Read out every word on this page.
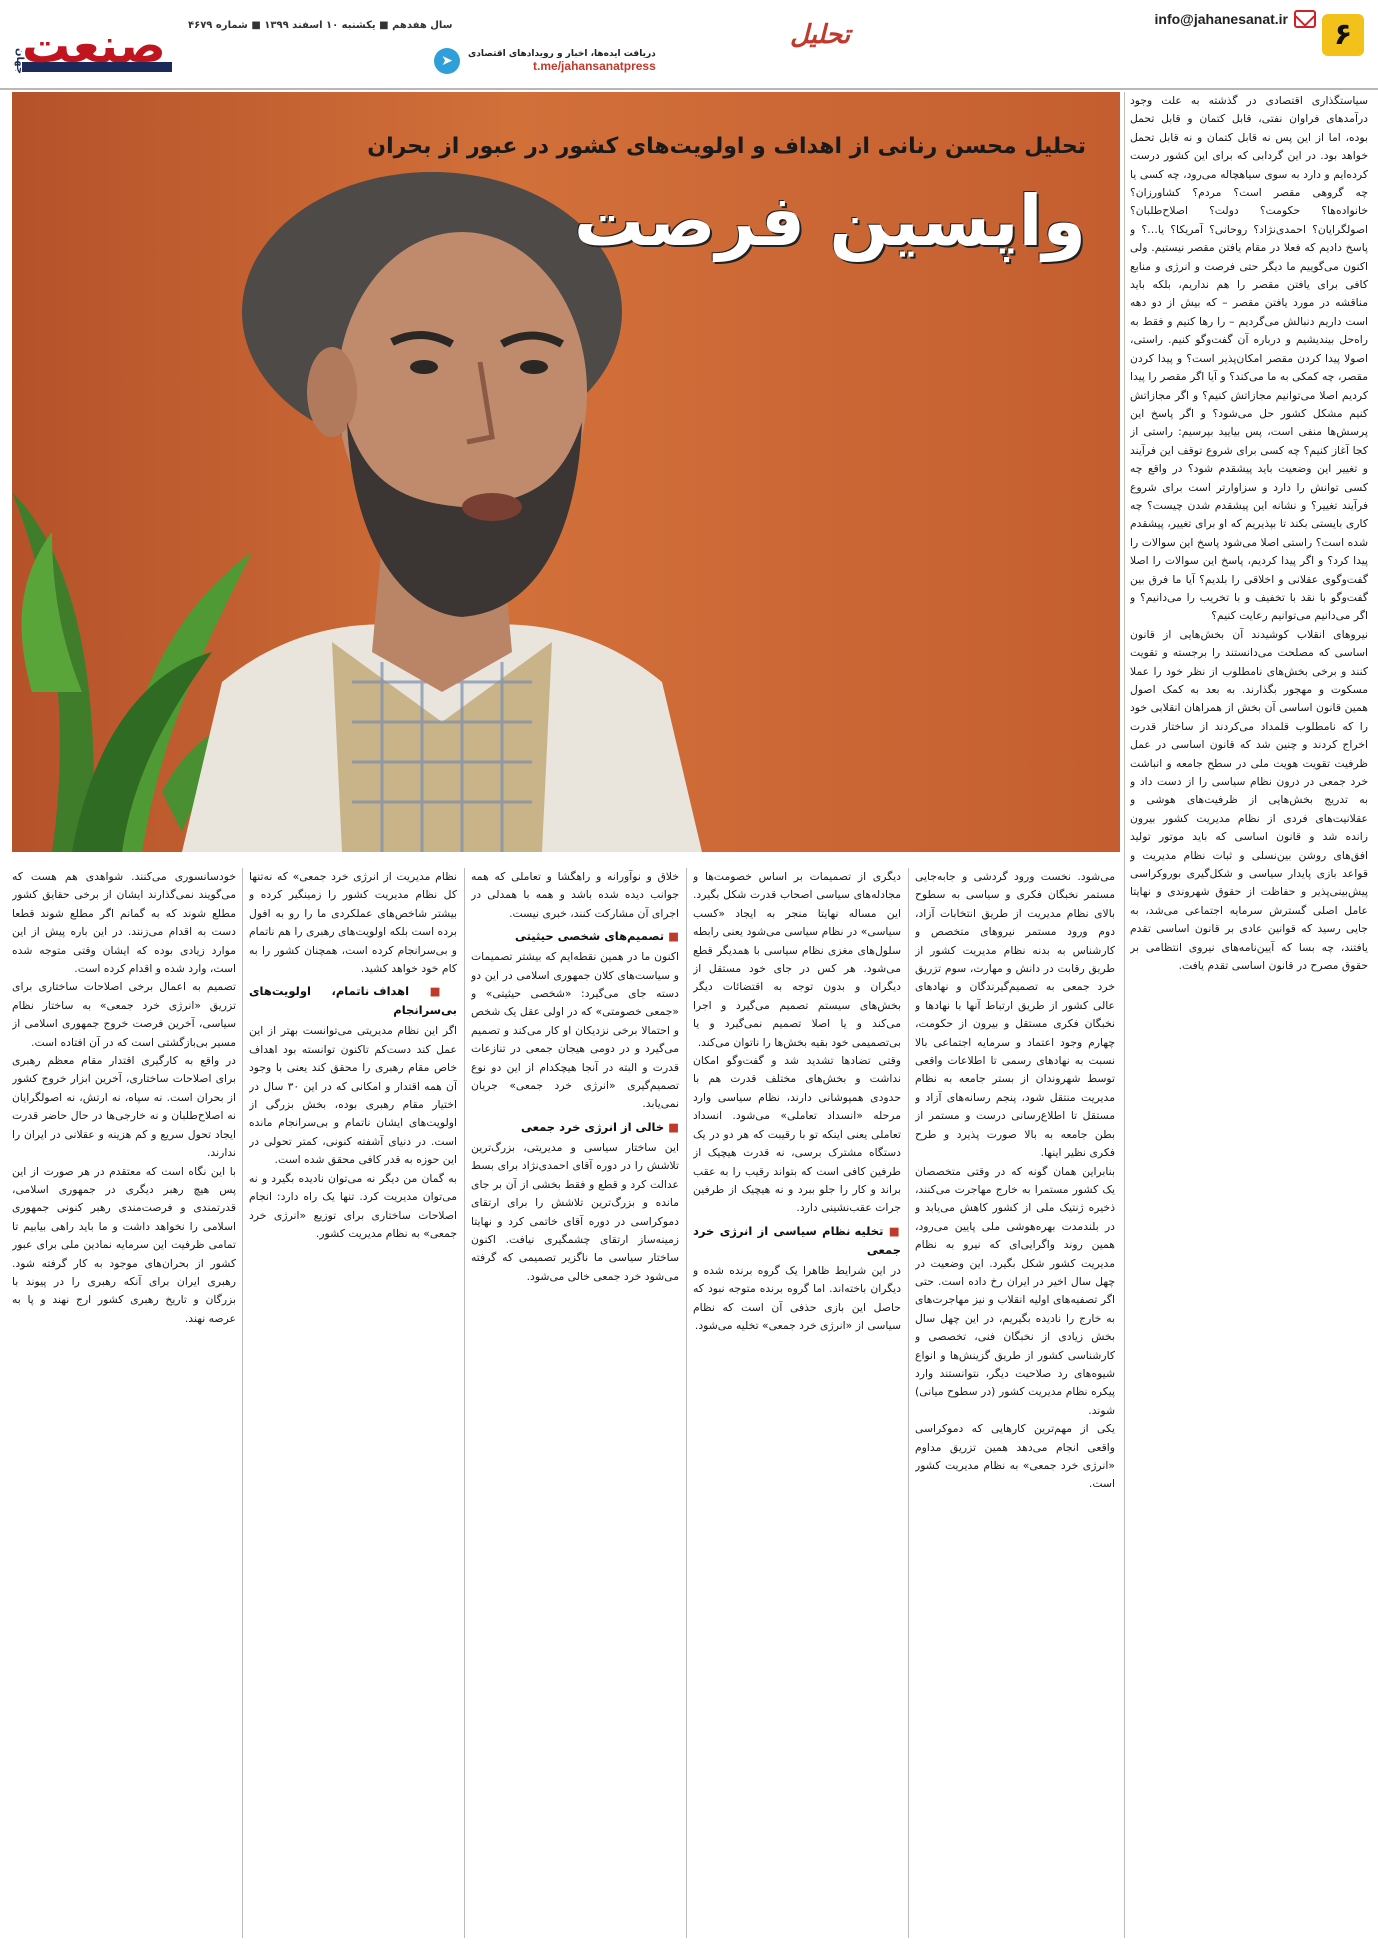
۶
info@jahanesanat.ir
تحلیل
دریافت ایده‌ها، اخبار و رویدادهای اقتصادی
t.me/jahansanatpress
➤
سال هفدهم ■ یکشنبه ۱۰ اسفند ۱۳۹۹ ■ شماره ۴۶۷۹
صنعت
جهان
تحلیل محسن رنانی از اهداف و اولویت‌های کشور در عبور از بحران
واپسین فرصت

سیاستگذاری اقتصادی در گذشته به علت وجود درآمدهای فراوان نفتی، قابل کتمان و قابل تحمل بوده، اما از این پس نه قابل کتمان و نه قابل تحمل خواهد بود. در این گردابی که برای این کشور درست کرده‌ایم و دارد به سوی سیاهچاله می‌رود، چه کسی یا چه گروهی مقصر است؟ مردم؟ کشاورزان؟ خانواده‌ها؟ حکومت؟ دولت؟ اصلاح‌طلبان؟ اصولگرایان؟ احمدی‌نژاد؟ روحانی؟ آمریکا؟ یا…؟ و پاسخ دادیم که فعلا در مقام یافتن مقصر نیستیم. ولی اکنون می‌گوییم ما دیگر حتی فرصت و انرژی و منابع کافی برای یافتن مقصر را هم نداریم، بلکه باید مناقشه در مورد یافتن مقصر – که بیش از دو دهه است داریم دنبالش می‌گردیم – را رها کنیم و فقط به راه‌حل بیندیشیم و درباره آن گفت‌وگو کنیم. راستی، اصولا پیدا کردن مقصر امکان‌پذیر است؟ و پیدا کردن مقصر، چه کمکی به ما می‌کند؟ و آیا اگر مقصر را پیدا کردیم اصلا می‌توانیم مجازاتش کنیم؟ و اگر مجازاتش کنیم مشکل کشور حل می‌شود؟ و اگر پاسخ این پرسش‌ها منفی است، پس بیایید بپرسیم: راستی از کجا آغاز کنیم؟ چه کسی برای شروع توقف این فرآیند و تغییر این وضعیت باید پیشقدم شود؟ در واقع چه کسی توانش را دارد و سزاوارتر است برای شروع فرآیند تغییر؟ و نشانه این پیشقدم شدن چیست؟ چه کاری بایستی بکند تا بپذیریم که او برای تغییر، پیشقدم شده است؟ راستی اصلا می‌شود پاسخ این سوالات را پیدا کرد؟ و اگر پیدا کردیم، پاسخ این سوالات را اصلا گفت‌وگوی عقلانی و اخلاقی را بلدیم؟ آیا ما فرق بین گفت‌وگو با نقد با تخفیف و با تخریب را می‌دانیم؟ و اگر می‌دانیم می‌توانیم رعایت کنیم؟

نیروهای انقلاب کوشیدند آن بخش‌هایی از قانون اساسی که مصلحت می‌دانستند را برجسته و تقویت کنند و برخی بخش‌های نامطلوب از نظر خود را عملا مسکوت و مهجور بگذارند. به بعد به کمک اصول همین قانون اساسی آن بخش از همراهان انقلابی خود را که نامطلوب قلمداد می‌کردند از ساختار قدرت اخراج کردند و چنین شد که قانون اساسی در عمل ظرفیت تقویت هویت ملی در سطح جامعه و انباشت خرد جمعی در درون نظام سیاسی را از دست داد و به تدریج بخش‌هایی از ظرفیت‌های هوشی و عقلانیت‌های فردی از نظام مدیریت کشور بیرون رانده شد و قانون اساسی که باید موتور تولید افق‌های روشن بین‌نسلی و ثبات نظام مدیریت و قواعد بازی پایدار سیاسی و شکل‌گیری بوروکراسی پیش‌بینی‌پذیر و حفاظت از حقوق شهروندی و نهایتا عامل اصلی گسترش سرمایه اجتماعی می‌شد، به جایی رسید که قوانین عادی بر قانون اساسی تقدم یافتند، چه بسا که آیین‌نامه‌های نیروی انتظامی بر حقوق مصرح در قانون اساسی تقدم یافت.

می‌شود. نخست ورود گردشی و جابه‌جایی مستمر نخبگان فکری و سیاسی به سطوح بالای نظام مدیریت از طریق انتخابات آزاد، دوم ورود مستمر نیروهای متخصص و کارشناس به بدنه نظام مدیریت کشور از طریق رقابت در دانش و مهارت، سوم تزریق خرد جمعی به تصمیم‌گیرندگان و نهادهای عالی کشور از طریق ارتباط آنها با نهادها و نخبگان فکری مستقل و بیرون از حکومت، چهارم وجود اعتماد و سرمایه اجتماعی بالا نسبت به نهادهای رسمی تا اطلاعات واقعی توسط شهروندان از بستر جامعه به نظام مدیریت منتقل شود، پنجم رسانه‌های آزاد و مستقل تا اطلاع‌رسانی درست و مستمر از بطن جامعه به بالا صورت پذیرد و طرح فکری نظیر اینها.

بنابراین همان گونه که در وقتی متخصصان یک کشور مستمرا به خارج مهاجرت می‌کنند، ذخیره ژنتیک ملی از کشور کاهش می‌یابد و در بلندمدت بهره‌هوشی ملی پایین می‌رود، همین روند واگرایی‌ای که نیرو به نظام مدیریت کشور شکل بگیرد. این وضعیت در چهل سال اخیر در ایران رخ داده است. حتی اگر تصفیه‌های اولیه انقلاب و نیز مهاجرت‌های به خارج را نادیده بگیریم، در این چهل سال بخش زیادی از نخبگان فنی، تخصصی و کارشناسی کشور از طریق گزینش‌ها و انواع شیوه‌های رد صلاحیت دیگر، نتوانستند وارد پیکره نظام مدیریت کشور (در سطوح میانی) شوند.

یکی از مهم‌ترین کارهایی که دموکراسی واقعی انجام می‌دهد همین تزریق مداوم «انرژی خرد جمعی» به نظام مدیریت کشور است.

دیگری از تصمیمات بر اساس خصومت‌ها و مجادله‌های سیاسی اصحاب قدرت شکل بگیرد. این مساله نهایتا منجر به ایجاد «کسب سیاسی» در نظام سیاسی می‌شود یعنی رابطه سلول‌های مغزی نظام سیاسی با همدیگر قطع می‌شود. هر کس در جای خود مستقل از دیگران و بدون توجه به اقتضائات دیگر بخش‌های سیستم تصمیم می‌گیرد و اجرا می‌کند و یا اصلا تصمیم نمی‌گیرد و یا بی‌تصمیمی خود بقیه بخش‌ها را ناتوان می‌کند.

وقتی تضادها تشدید شد و گفت‌وگو امکان نداشت و بخش‌های مختلف قدرت هم با حدودی همپوشانی دارند، نظام سیاسی وارد مرحله «انسداد تعاملی» می‌شود. انسداد تعاملی یعنی اینکه تو با رقیبت که هر دو در یک دستگاه مشترک برسی، نه قدرت هیچیک از طرفین کافی است که بتواند رقیب را به عقب براند و کار را جلو ببرد و نه هیچیک از طرفین جرات عقب‌نشینی دارد.

■ تخلیه نظام سیاسی از انرژی خرد جمعی

در این شرایط ظاهرا یک گروه برنده شده و دیگران باخته‌اند. اما گروه برنده متوجه نبود که حاصل این بازی حذفی آن است که نظام سیاسی از «انرژی خرد جمعی» تخلیه می‌شود.

خلاق و نوآورانه و راهگشا و تعاملی که همه جوانب دیده شده باشد و همه با همدلی در اجرای آن مشارکت کنند، خبری نیست.

■ تصمیم‌های شخصی حیثیتی

اکنون ما در همین نقطه‌ایم که بیشتر تصمیمات و سیاست‌های کلان جمهوری اسلامی در این دو دسته جای می‌گیرد: «شخصی حیثیتی» و «جمعی خصومتی» که در اولی عقل یک شخص و احتمالا برخی نزدیکان او کار می‌کند و تصمیم می‌گیرد و در دومی هیجان جمعی در تنازعات قدرت و البته در آنجا هیچکدام از این دو نوع تصمیم‌گیری «انرژی خرد جمعی» جریان نمی‌یابد.

■ خالی از انرژی خرد جمعی

این ساختار سیاسی و مدیریتی، بزرگ‌ترین تلاشش را در دوره آقای احمدی‌نژاد برای بسط عدالت کرد و قطع و فقط بخشی از آن بر جای مانده و بزرگ‌ترین تلاشش را برای ارتقای دموکراسی در دوره آقای خاتمی کرد و نهایتا زمینه‌ساز ارتقای چشمگیری نیافت. اکنون ساختار سیاسی ما ناگزیر تصمیمی که گرفته می‌شود خرد جمعی خالی می‌شود.

نظام مدیریت از انرژی خرد جمعی» که نه‌تنها کل نظام مدیریت کشور را زمینگیر کرده و بیشتر شاخص‌های عملکردی ما را رو به افول برده است بلکه اولویت‌های رهبری را هم ناتمام و بی‌سرانجام کرده است، همچنان کشور را به کام خود خواهد کشید.

■ اهداف ناتمام، اولویت‌های بی‌سرانجام

اگر این نظام مدیریتی می‌توانست بهتر از این عمل کند دست‌کم تاکنون توانسته بود اهداف خاص مقام رهبری را محقق کند یعنی با وجود آن همه اقتدار و امکانی که در این ۳۰ سال در اختیار مقام رهبری بوده، بخش بزرگی از اولویت‌های ایشان ناتمام و بی‌سرانجام مانده است. در دنیای آشفته کنونی، کمتر تحولی در این حوزه به قدر کافی محقق شده است.

به گمان من دیگر نه می‌توان نادیده بگیرد و نه می‌توان مدیریت کرد. تنها یک راه دارد: انجام اصلاحات ساختاری برای توزیع «انرژی خرد جمعی» به نظام مدیریت کشور.

خودسانسوری می‌کنند. شواهدی هم هست که می‌گویند نمی‌گذارند ایشان از برخی حقایق کشور مطلع شوند که به گمانم اگر مطلع شوند قطعا دست به اقدام می‌زنند. در این باره پیش از این موارد زیادی بوده که ایشان وقتی متوجه شده است، وارد شده و اقدام کرده است.

تصمیم به اعمال برخی اصلاحات ساختاری برای تزریق «انرژی خرد جمعی» به ساختار نظام سیاسی، آخرین فرصت خروج جمهوری اسلامی از مسیر بی‌بازگشتی است که در آن افتاده است.

در واقع به کارگیری اقتدار مقام معظم رهبری برای اصلاحات ساختاری، آخرین ابزار خروج کشور از بحران است. نه سپاه، نه ارتش، نه اصولگرایان نه اصلاح‌طلبان و نه خارجی‌ها در حال حاضر قدرت ایجاد تحول سریع و کم هزینه و عقلانی در ایران را ندارند.

با این نگاه است که معتقدم در هر صورت از این پس هیچ رهبر دیگری در جمهوری اسلامی، قدرتمندی و فرصت‌مندی رهبر کنونی جمهوری اسلامی را نخواهد داشت و ما باید راهی بیابیم تا تمامی ظرفیت این سرمایه نمادین ملی برای عبور کشور از بحران‌های موجود به کار گرفته شود. رهبری ایران برای آنکه رهبری را در پیوند با بزرگان و تاریخ رهبری کشور ارج نهند و پا به عرصه نهند.
